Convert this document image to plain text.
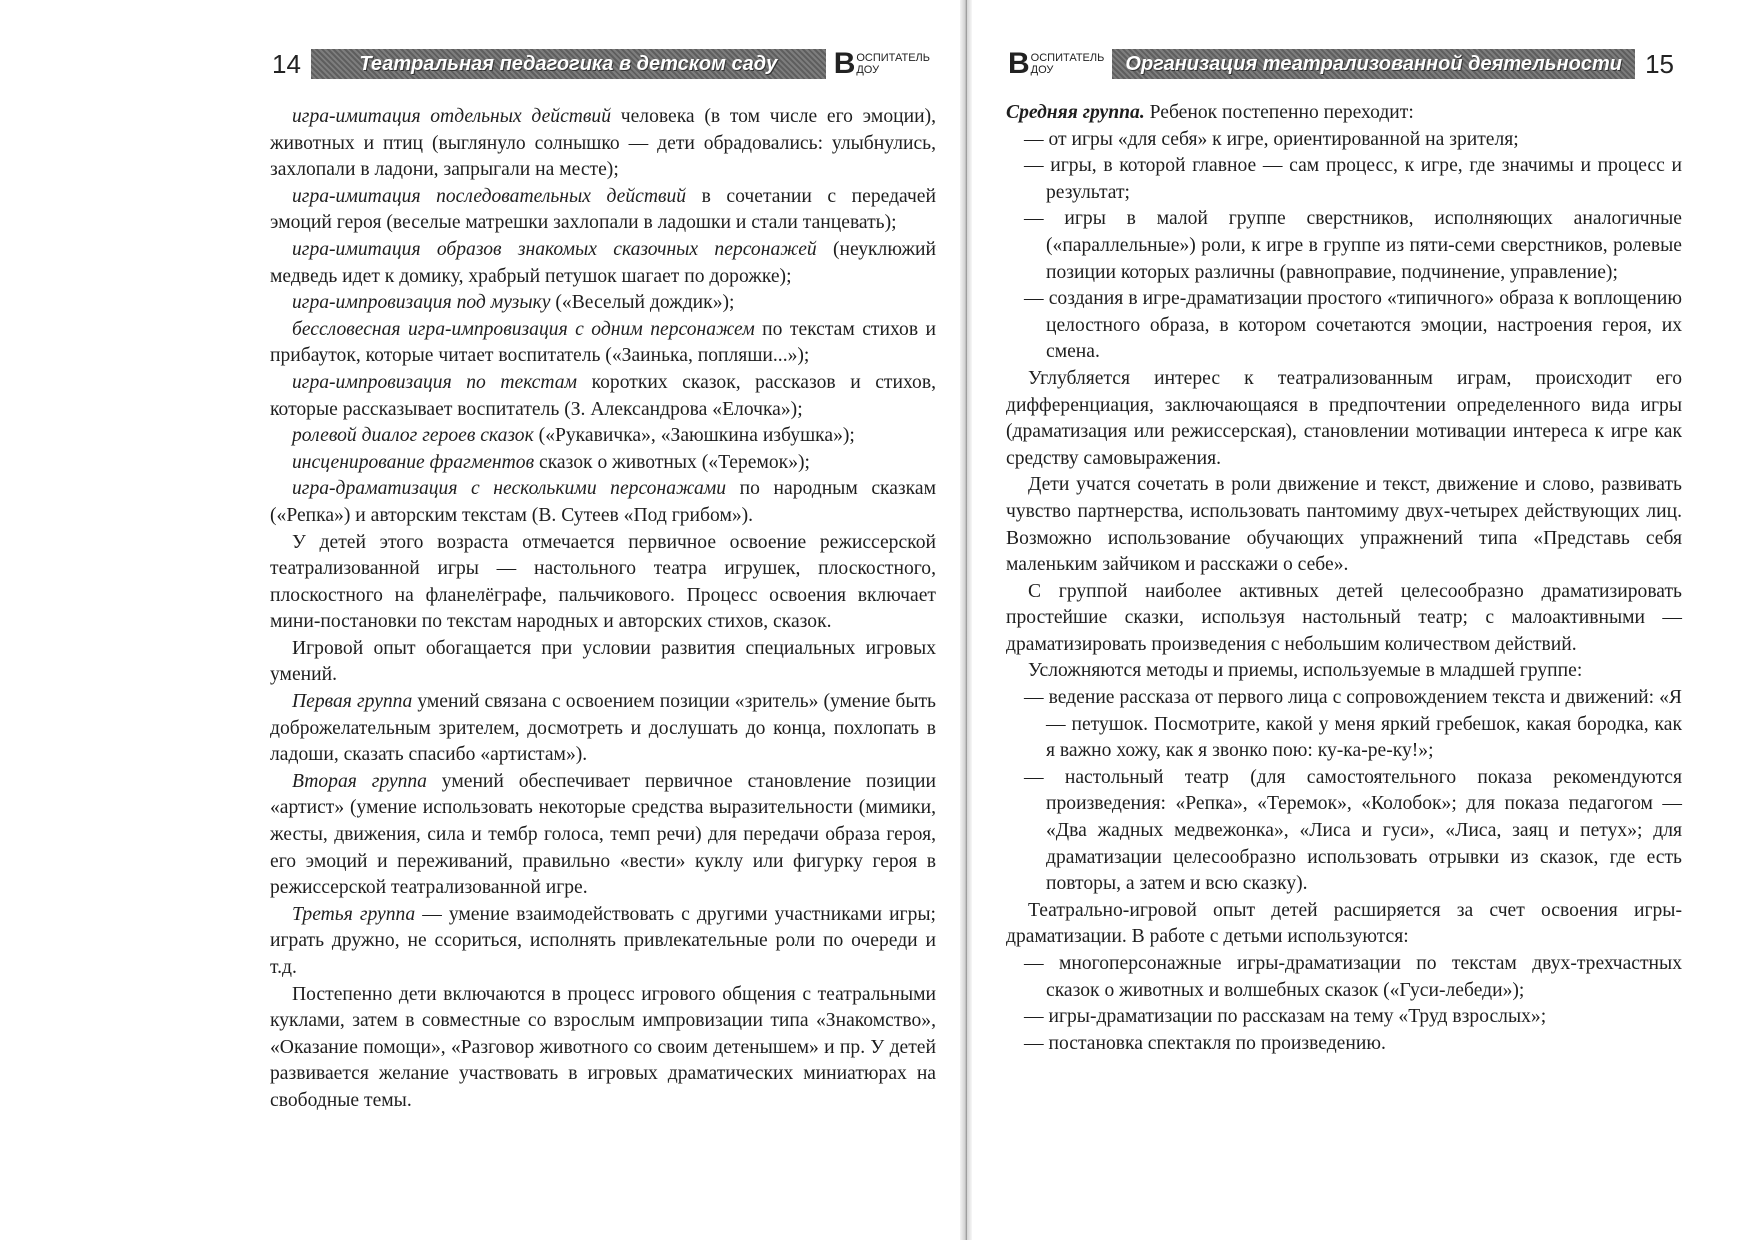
14	Театральная педагогика в детском саду	В ОСПИТАТЕЛЬ
ДОУ	В ОСПИТАТЕЛЬ
ДОУ	Организация театрализованной деятельности 15

игра-имитация отдельных действий человека (в том числе его эмоции), животных и птиц (выглянуло солнышко — дети обрадовались: улыбнулись, захлопали в ладони, запрыгали на месте);

игра-имитация последовательных действий в сочетании с передачей эмоций героя (веселые матрешки захлопали в ладошки и стали танцевать);

игра-имитация образов знакомых сказочных персонажей (неуклюжий медведь идет к домику, храбрый петушок шагает по дорожке);

игра-импровизация под музыку («Веселый дождик»);

бессловесная игра-импровизация с одним персонажем по текстам стихов и прибауток, которые читает воспитатель («Заинька, попляши...»);

игра-импровизация по текстам коротких сказок, рассказов и стихов, которые рассказывает воспитатель (З. Александрова «Елочка»);

ролевой диалог героев сказок («Рукавичка», «Заюшкина избушка»);

инсценирование фрагментов сказок о животных («Теремок»);

игра-драматизация с несколькими персонажами по народным сказкам («Репка») и авторским текстам (В. Сутеев «Под грибом»).

У детей этого возраста отмечается первичное освоение режиссерской театрализованной игры — настольного театра игрушек, плоскостного, плоскостного на фланелёграфе, пальчикового. Процесс освоения включает мини-постановки по текстам народных и авторских стихов, сказок.

Игровой опыт обогащается при условии развития специальных игровых умений.

Первая группа умений связана с освоением позиции «зритель» (умение быть доброжелательным зрителем, досмотреть и дослушать до конца, похлопать в ладоши, сказать спасибо «артистам»).

Вторая группа умений обеспечивает первичное становление позиции «артист» (умение использовать некоторые средства выразительности (мимики, жесты, движения, сила и тембр голоса, темп речи) для передачи образа героя, его эмоций и переживаний, правильно «вести» куклу или фигурку героя в режиссерской театрализованной игре.

Третья группа — умение взаимодействовать с другими участниками игры; играть дружно, не ссориться, исполнять привлекательные роли по очереди и т.д.

Постепенно дети включаются в процесс игрового общения с театральными куклами, затем в совместные со взрослым импровизации типа «Знакомство», «Оказание помощи», «Разговор животного со своим детенышем» и пр. У детей развивается желание участвовать в игровых драматических миниатюрах на свободные темы.

Средняя группа. Ребенок постепенно переходит:

— от игры «для себя» к игре, ориентированной на зрителя;
— игры, в которой главное — сам процесс, к игре, где значимы и процесс и результат;
— игры в малой группе сверстников, исполняющих аналогичные («параллельные») роли, к игре в группе из пяти-семи сверстников, ролевые позиции которых различны (равноправие, подчинение, управление);
— создания в игре-драматизации простого «типичного» образа к воплощению целостного образа, в котором сочетаются эмоции, настроения героя, их смена.

Углубляется интерес к театрализованным играм, происходит его дифференциация, заключающаяся в предпочтении определенного вида игры (драматизация или режиссерская), становлении мотивации интереса к игре как средству самовыражения.

Дети учатся сочетать в роли движение и текст, движение и слово, развивать чувство партнерства, использовать пантомиму двух-четырех действующих лиц. Возможно использование обучающих упражнений типа «Представь себя маленьким зайчиком и расскажи о себе».

С группой наиболее активных детей целесообразно драматизировать простейшие сказки, используя настольный театр; с малоактивными — драматизировать произведения с небольшим количеством действий.

Усложняются методы и приемы, используемые в младшей группе:

— ведение рассказа от первого лица с сопровождением текста и движений: «Я — петушок. Посмотрите, какой у меня яркий гребешок, какая бородка, как я важно хожу, как я звонко пою: ку-ка-ре-ку!»;
— настольный театр (для самостоятельного показа рекомендуются произведения: «Репка», «Теремок», «Колобок»; для показа педагогом — «Два жадных медвежонка», «Лиса и гуси», «Лиса, заяц и петух»; для драматизации целесообразно использовать отрывки из сказок, где есть повторы, а затем и всю сказку).

Театрально-игровой опыт детей расширяется за счет освоения игры-драматизации. В работе с детьми используются:

— многоперсонажные игры-драматизации по текстам двух-трехчастных сказок о животных и волшебных сказок («Гуси-лебеди»);
— игры-драматизации по рассказам на тему «Труд взрослых»;
— постановка спектакля по произведению.
